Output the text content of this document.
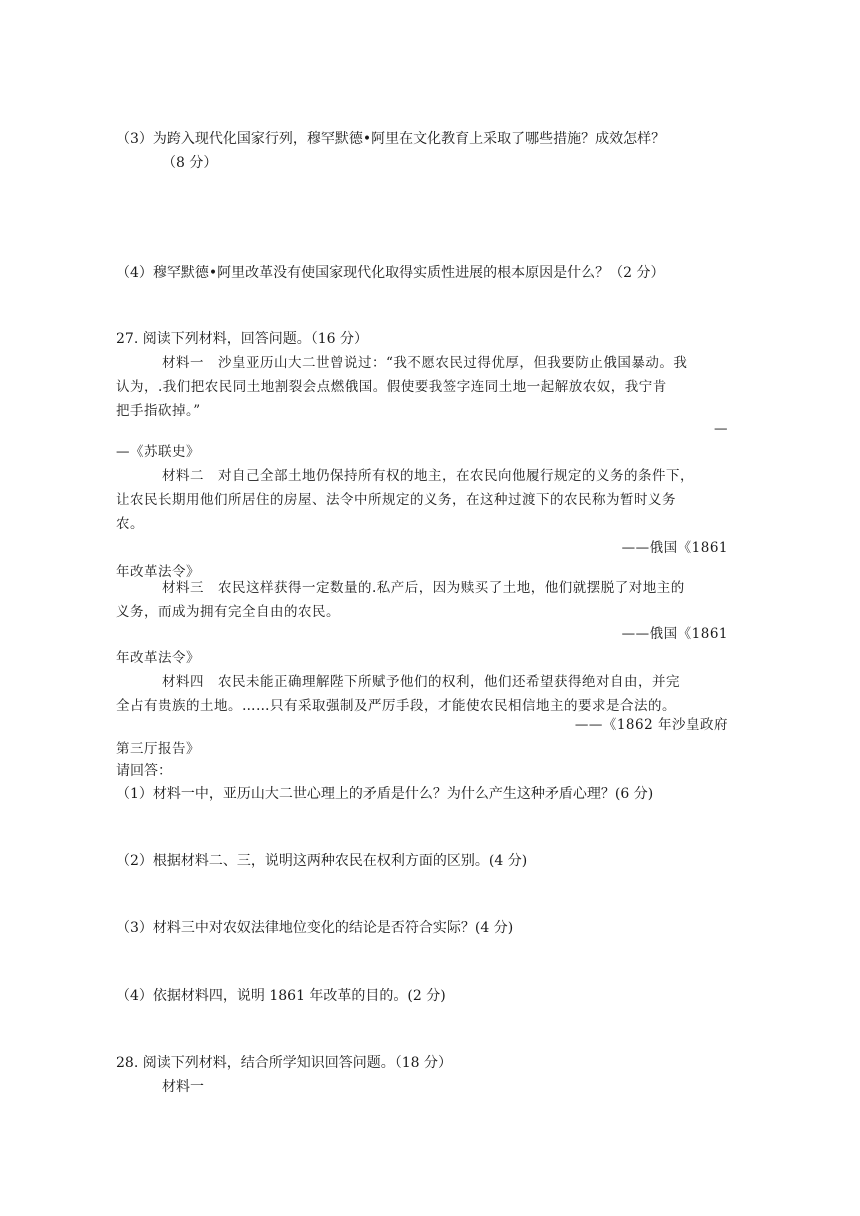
（3）为跨入现代化国家行列，穆罕默德•阿里在文化教育上采取了哪些措施？成效怎样？
（8 分）
（4）穆罕默德•阿里改革没有使国家现代化取得实质性进展的根本原因是什么？（2 分）
27. 阅读下列材料，回答问题。（16 分）
材料一　沙皇亚历山大二世曾说过：“我不愿农民过得优厚，但我要防止俄国暴动。我
认为，.我们把农民同土地割裂会点燃俄国。假使要我签字连同土地一起解放农奴，我宁肯
把手指砍掉。”
—
—《苏联史》
材料二　对自己全部土地仍保持所有权的地主，在农民向他履行规定的义务的条件下，
让农民长期用他们所居住的房屋、法令中所规定的义务，在这种过渡下的农民称为暂时义务
农。
——俄国《1861
年改革法令》
材料三　农民这样获得一定数量的.私产后，因为赎买了土地，他们就摆脱了对地主的
义务，而成为拥有完全自由的农民。
——俄国《1861
年改革法令》
材料四　农民未能正确理解陛下所赋予他们的权利，他们还希望获得绝对自由，并完
全占有贵族的土地。……只有采取强制及严厉手段，才能使农民相信地主的要求是合法的。
——《1862 年沙皇政府
第三厅报告》
请回答：
（1）材料一中，亚历山大二世心理上的矛盾是什么？为什么产生这种矛盾心理？(6 分)
（2）根据材料二、三，说明这两种农民在权利方面的区别。(4 分)
（3）材料三中对农奴法律地位变化的结论是否符合实际？(4 分)
（4）依据材料四，说明 1861 年改革的目的。(2 分)
28. 阅读下列材料，结合所学知识回答问题。（18 分）
材料一
